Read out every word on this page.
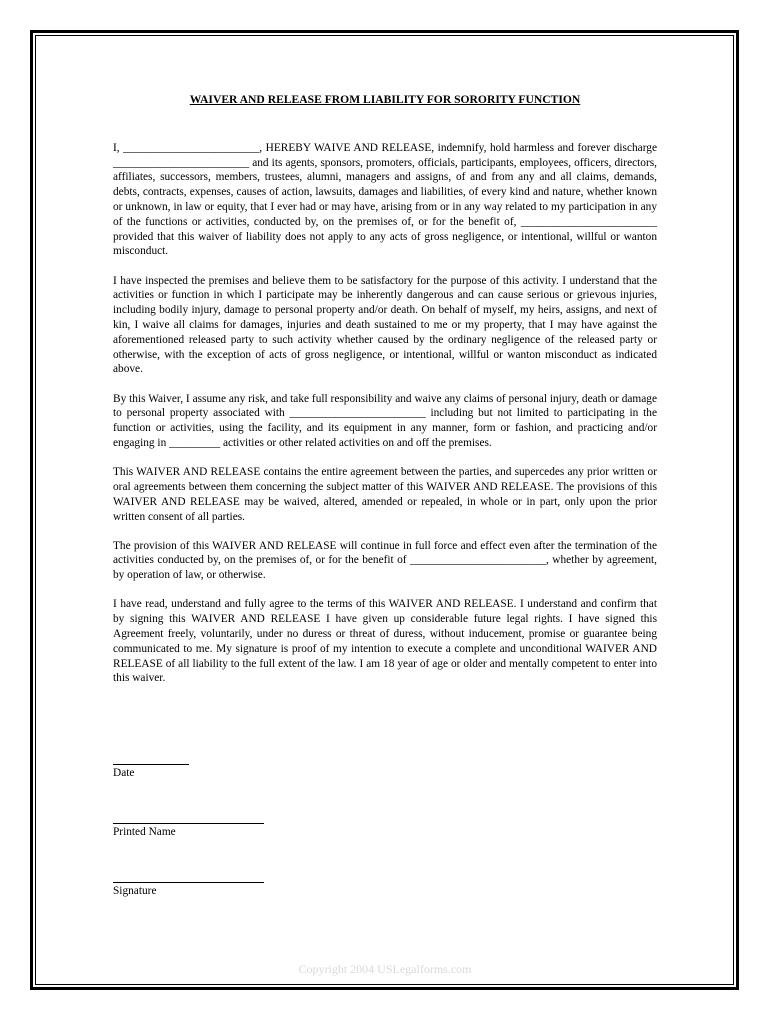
WAIVER AND RELEASE FROM LIABILITY FOR SORORITY FUNCTION

I, ________________________, HEREBY WAIVE AND RELEASE, indemnify, hold harmless and forever discharge ________________________ and its agents, sponsors, promoters, officials, participants, employees, officers, directors, affiliates, successors, members, trustees, alumni, managers and assigns, of and from any and all claims, demands, debts, contracts, expenses, causes of action, lawsuits, damages and liabilities, of every kind and nature, whether known or unknown, in law or equity, that I ever had or may have, arising from or in any way related to my participation in any of the functions or activities, conducted by, on the premises of, or for the benefit of, ________________________ provided that this waiver of liability does not apply to any acts of gross negligence, or intentional, willful or wanton misconduct.

I have inspected the premises and believe them to be satisfactory for the purpose of this activity. I understand that the activities or function in which I participate may be inherently dangerous and can cause serious or grievous injuries, including bodily injury, damage to personal property and/or death. On behalf of myself, my heirs, assigns, and next of kin, I waive all claims for damages, injuries and death sustained to me or my property, that I may have against the aforementioned released party to such activity whether caused by the ordinary negligence of the released party or otherwise, with the exception of acts of gross negligence, or intentional, willful or wanton misconduct as indicated above.

By this Waiver, I assume any risk, and take full responsibility and waive any claims of personal injury, death or damage to personal property associated with ________________________ including but not limited to participating in the function or activities, using the facility, and its equipment in any manner, form or fashion, and practicing and/or engaging in _________ activities or other related activities on and off the premises.

This WAIVER AND RELEASE contains the entire agreement between the parties, and supercedes any prior written or oral agreements between them concerning the subject matter of this WAIVER AND RELEASE. The provisions of this WAIVER AND RELEASE may be waived, altered, amended or repealed, in whole or in part, only upon the prior written consent of all parties.

The provision of this WAIVER AND RELEASE will continue in full force and effect even after the termination of the activities conducted by, on the premises of, or for the benefit of ________________________, whether by agreement, by operation of law, or otherwise.

I have read, understand and fully agree to the terms of this WAIVER AND RELEASE. I understand and confirm that by signing this WAIVER AND RELEASE I have given up considerable future legal rights. I have signed this Agreement freely, voluntarily, under no duress or threat of duress, without inducement, promise or guarantee being communicated to me. My signature is proof of my intention to execute a complete and unconditional WAIVER AND RELEASE of all liability to the full extent of the law. I am 18 year of age or older and mentally competent to enter into this waiver.

Date
Printed Name
Signature
Copyright 2004 USLegalforms.com
